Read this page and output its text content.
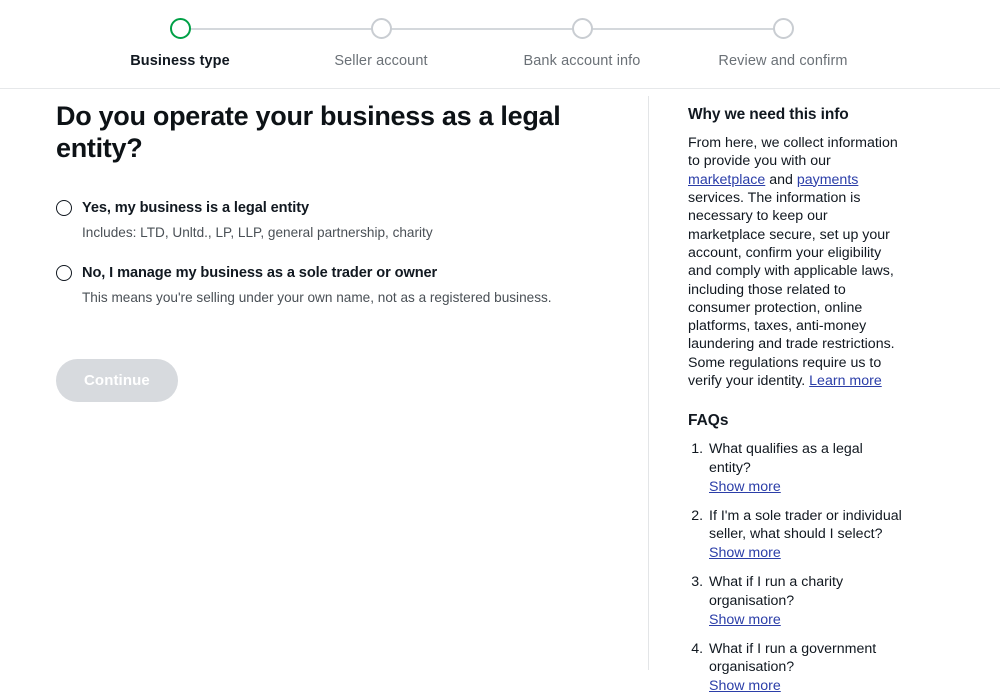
Business type	Seller account	Bank account info	Review and confirm
Do you operate your business as a legal entity?
Yes, my business is a legal entity
Includes: LTD, Unltd., LP, LLP, general partnership, charity
No, I manage my business as a sole trader or owner
This means you're selling under your own name, not as a registered business.
Continue
Why we need this info

From here, we collect information to provide you with our marketplace and payments services. The information is necessary to keep our marketplace secure, set up your account, confirm your eligibility and comply with applicable laws, including those related to consumer protection, online platforms, taxes, anti-money laundering and trade restrictions. Some regulations require us to verify your identity. Learn more

FAQs
1. What qualifies as a legal entity?
Show more
2. If I'm a sole trader or individual seller, what should I select?
Show more
3. What if I run a charity organisation?
Show more
4. What if I run a government organisation?
Show more
